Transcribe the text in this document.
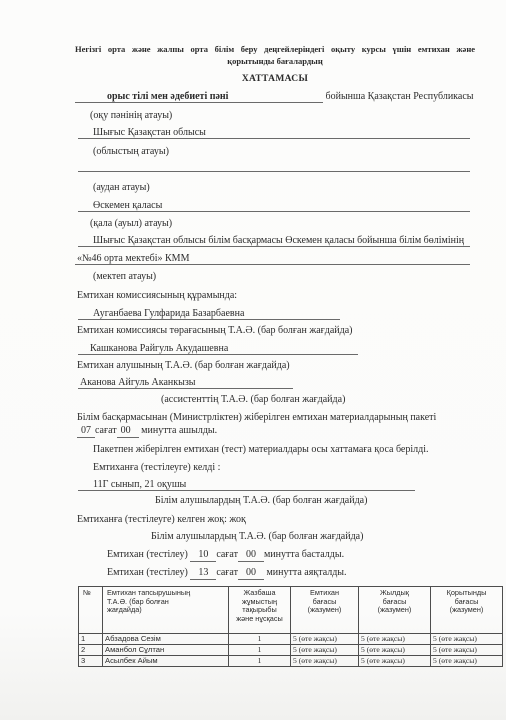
Негізгі орта және жалпы орта білім беру деңгейлеріндегі оқыту курсы үшін емтихан және
қорытынды бағалардың
ХАТТАМАСЫ
орыс тілі мен әдебиеті пәні	бойынша Қазақстан Республикасы
(оқу пәнінің атауы)
Шығыс Қазақстан облысы
(облыстың атауы)
(аудан атауы)
Өскемен қаласы
(қала (ауыл) атауы)
Шығыс Қазақстан облысы білім басқармасы Өскемен қаласы бойынша білім бөлімінің
«№46 орта мектебі» КММ
(мектеп атауы)
Емтихан комиссиясының құрамында:
Ауганбаева Гулфарида Базарбаевна
Емтихан комиссиясы төрағасының Т.А.Ә. (бар болған жағдайда)
Кашканова Райгуль Акудашевна
Емтихан алушының Т.А.Ә. (бар болған жағдайда)
Аканова Айгуль Аканкызы
(ассистенттің Т.А.Ә. (бар болған жағдайда)
Білім басқармасынан (Министрліктен) жіберілген емтихан материалдарының пакеті
07 сағат 00 минутта ашылды.
Пакетпен жіберілген емтихан (тест) материалдары осы хаттамаға қоса берілді.
Емтиханға (тестілеуге) келді :
11Г сынып, 21 оқушы
Білім алушылардың Т.А.Ә. (бар болған жағдайда)
Емтиханға (тестілеуге) келген жоқ: жоқ
Білім алушылардың Т.А.Ә. (бар болған жағдайда)
Емтихан (тестілеу) 10 сағат 00 минутта басталды.
Емтихан (тестілеу) 13 сағат 00 минутта аяқталды.
№	Емтихан тапсырушының
Т.А.Ә. (бар болған
жағдайда)	Жазбаша
жұмыстың
тақырыбы
және нұсқасы	Емтихан
бағасы
(жазумен)	Жылдық
бағасы
(жазумен)	Қорытынды
бағасы
(жазумен)
1	Абзадова Сезім	1	5 (өте жақсы)	5 (өте жақсы)	5 (өте жақсы)
2	Аманбол Сұлтан	1	5 (өте жақсы)	5 (өте жақсы)	5 (өте жақсы)
3	Асылбек Айым	1	5 (өте жақсы)	5 (өте жақсы)	5 (өте жақсы)
